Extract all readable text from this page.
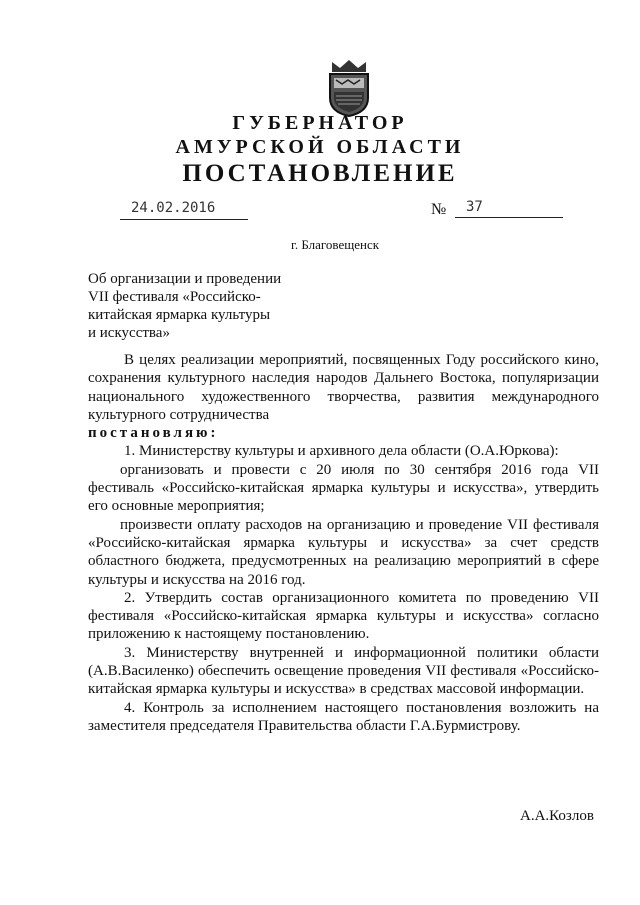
ГУБЕРНАТОР
АМУРСКОЙ ОБЛАСТИ
ПОСТАНОВЛЕНИЕ
24.02.2016	№ 37
г. Благовещенск
Об организации и проведении
VII фестиваля «Российско-
китайская ярмарка культуры
и искусства»

В целях реализации мероприятий, посвященных Году российского кино, сохранения культурного наследия народов Дальнего Востока, популяризации национального художественного творчества, развития международного культурного сотрудничества

постановляю:

1. Министерству культуры и архивного дела области (О.А.Юркова):

организовать и провести с 20 июля по 30 сентября 2016 года VII фестиваль «Российско-китайская ярмарка культуры и искусства», утвердить его основные мероприятия;

произвести оплату расходов на организацию и проведение VII фестиваля «Российско-китайская ярмарка культуры и искусства» за счет средств областного бюджета, предусмотренных на реализацию мероприятий в сфере культуры и искусства на 2016 год.

2. Утвердить состав организационного комитета по проведению VII фестиваля «Российско-китайская ярмарка культуры и искусства» согласно приложению к настоящему постановлению.

3. Министерству внутренней и информационной политики области (А.В.Василенко) обеспечить освещение проведения VII фестиваля «Российско-китайская ярмарка культуры и искусства» в средствах массовой информации.

4. Контроль за исполнением настоящего постановления возложить на заместителя председателя Правительства области Г.А.Бурмистрову.

А.А.Козлов
